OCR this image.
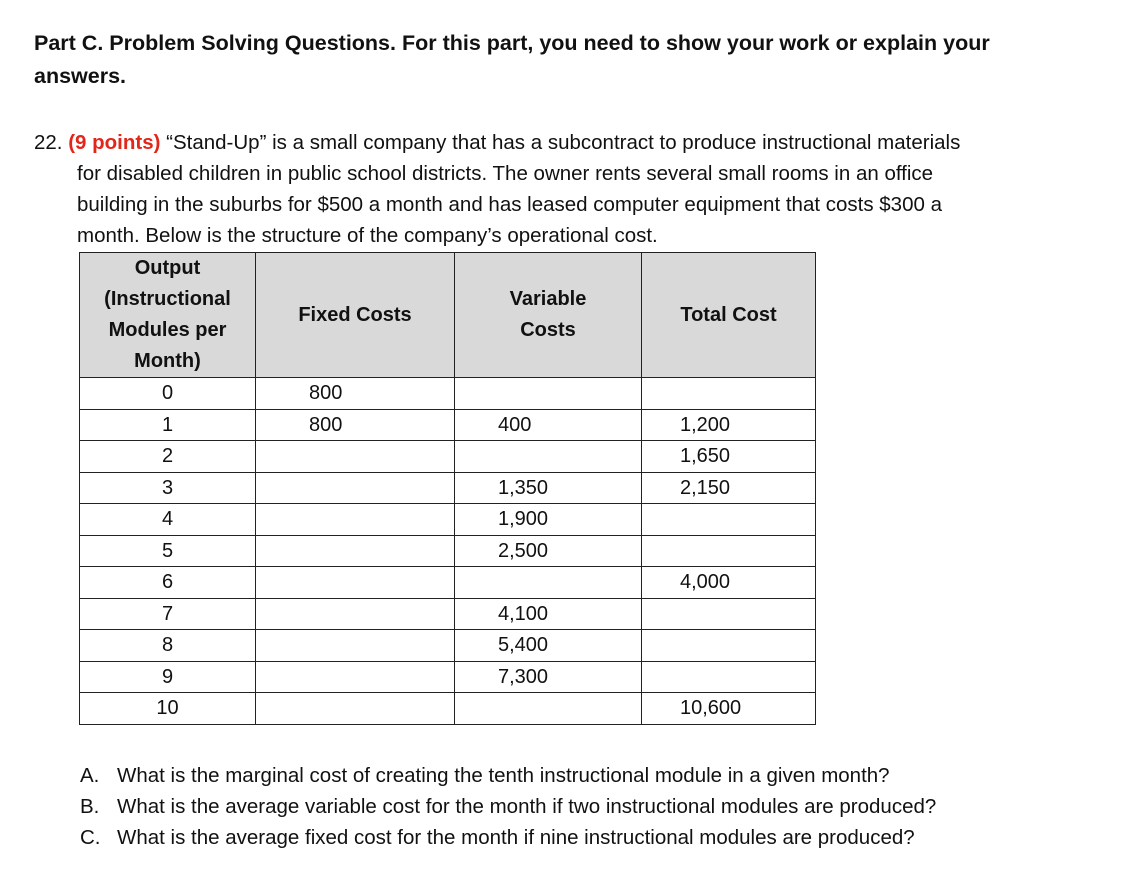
Part C. Problem Solving Questions. For this part, you need to show your work or explain your
answers.
22. (9 points) “Stand-Up” is a small company that has a subcontract to produce instructional materials
for disabled children in public school districts. The owner rents several small rooms in an office
building in the suburbs for $500 a month and has leased computer equipment that costs $300 a
month. Below is the structure of the company’s operational cost.
Output
(Instructional
Modules per
Month)	Fixed Costs	Variable
Costs	Total Cost
0	800		
1	800	400	1,200
2			1,650
3		1,350	2,150
4		1,900	
5		2,500	
6			4,000
7		4,100	
8		5,400	
9		7,300	
10			10,600
A. What is the marginal cost of creating the tenth instructional module in a given month?
B. What is the average variable cost for the month if two instructional modules are produced?
C. What is the average fixed cost for the month if nine instructional modules are produced?
